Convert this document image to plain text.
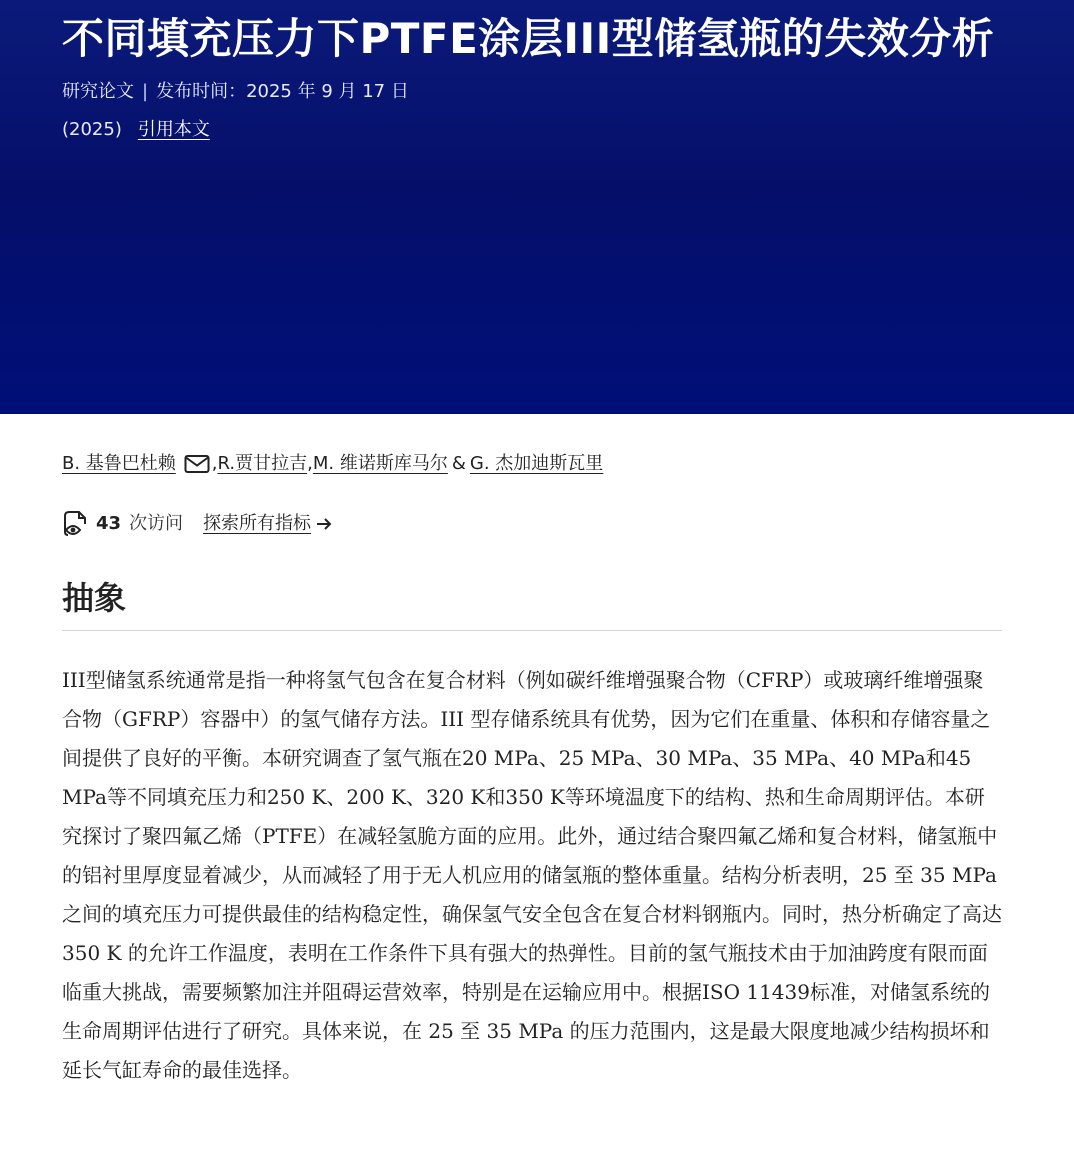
不同填充压力下PTFE涂层III型储氢瓶的失效分析
研究论文 | 发布时间：2025 年 9 月 17 日
(2025) 引用本文
B. 基鲁巴杜赖 , R.贾甘拉吉 , M. 维诺斯库马尔 & G. 杰加迪斯瓦里
43 次访问 探索所有指标
抽象

III型储氢系统通常是指一种将氢气包含在复合材料（例如碳纤维增强聚合物（CFRP）或玻璃纤维增强聚合物（GFRP）容器中）的氢气储存方法。III 型存储系统具有优势，因为它们在重量、体积和存储容量之间提供了良好的平衡。本研究调查了氢气瓶在20 MPa、25 MPa、30 MPa、35 MPa、40 MPa和45 MPa等不同填充压力和250 K、200 K、320 K和350 K等环境温度下的结构、热和生命周期评估。本研究探讨了聚四氟乙烯（PTFE）在减轻氢脆方面的应用。此外，通过结合聚四氟乙烯和复合材料，储氢瓶中的铝衬里厚度显着减少，从而减轻了用于无人机应用的储氢瓶的整体重量。结构分析表明，25 至 35 MPa 之间的填充压力可提供最佳的结构稳定性，确保氢气安全包含在复合材料钢瓶内。同时，热分析确定了高达 350 K 的允许工作温度，表明在工作条件下具有强大的热弹性。目前的氢气瓶技术由于加油跨度有限而面临重大挑战，需要频繁加注并阻碍运营效率，特别是在运输应用中。根据ISO 11439标准，对储氢系统的生命周期评估进行了研究。具体来说，在 25 至 35 MPa 的压力范围内，这是最大限度地减少结构损坏和延长气缸寿命的最佳选择。
